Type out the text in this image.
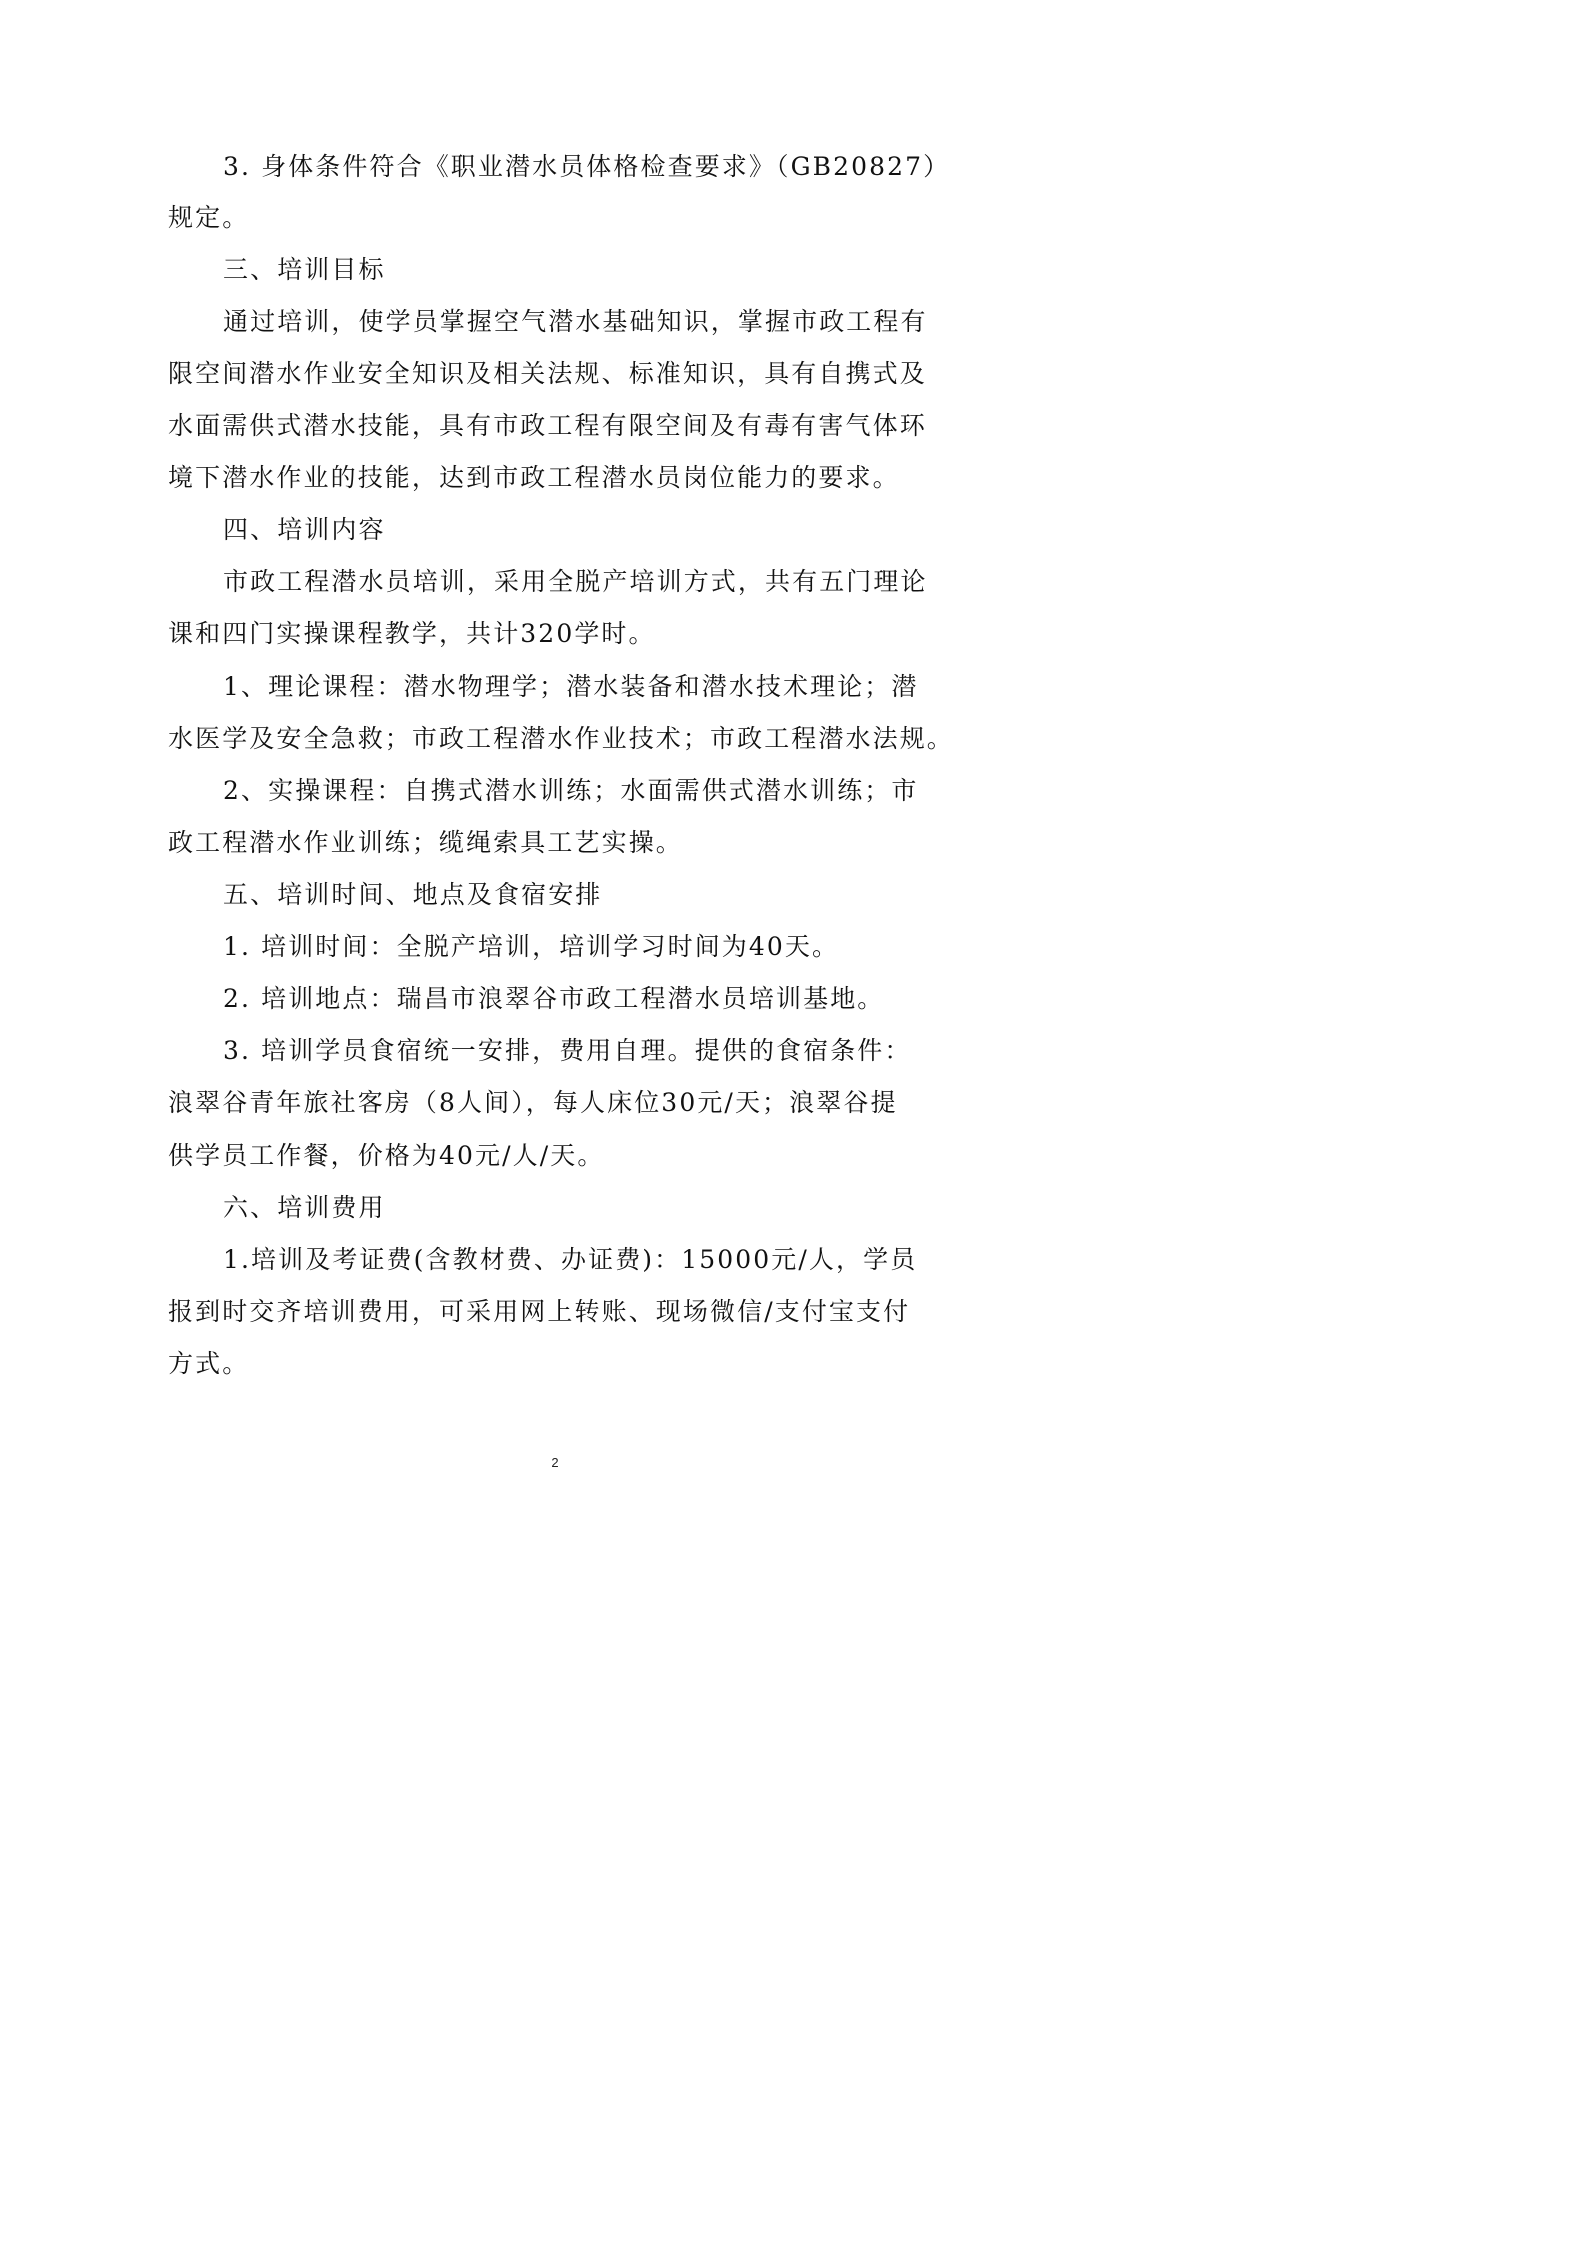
3. 身体条件符合《职业潜水员体格检查要求》（GB20827）
规定。
三、培训目标
通过培训，使学员掌握空气潜水基础知识，掌握市政工程有
限空间潜水作业安全知识及相关法规、标准知识，具有自携式及
水面需供式潜水技能，具有市政工程有限空间及有毒有害气体环
境下潜水作业的技能，达到市政工程潜水员岗位能力的要求。
四、培训内容
市政工程潜水员培训，采用全脱产培训方式，共有五门理论
课和四门实操课程教学，共计320学时。
1、理论课程：潜水物理学；潜水装备和潜水技术理论；潜
水医学及安全急救；市政工程潜水作业技术；市政工程潜水法规。
2、实操课程：自携式潜水训练；水面需供式潜水训练；市
政工程潜水作业训练；缆绳索具工艺实操。
五、培训时间、地点及食宿安排
1. 培训时间：全脱产培训，培训学习时间为40天。
2. 培训地点：瑞昌市浪翠谷市政工程潜水员培训基地。
3. 培训学员食宿统一安排，费用自理。提供的食宿条件：
浪翠谷青年旅社客房（8人间），每人床位30元/天；浪翠谷提
供学员工作餐，价格为40元/人/天。
六、培训费用
1.培训及考证费(含教材费、办证费)：15000元/人，学员
报到时交齐培训费用，可采用网上转账、现场微信/支付宝支付
方式。
2
